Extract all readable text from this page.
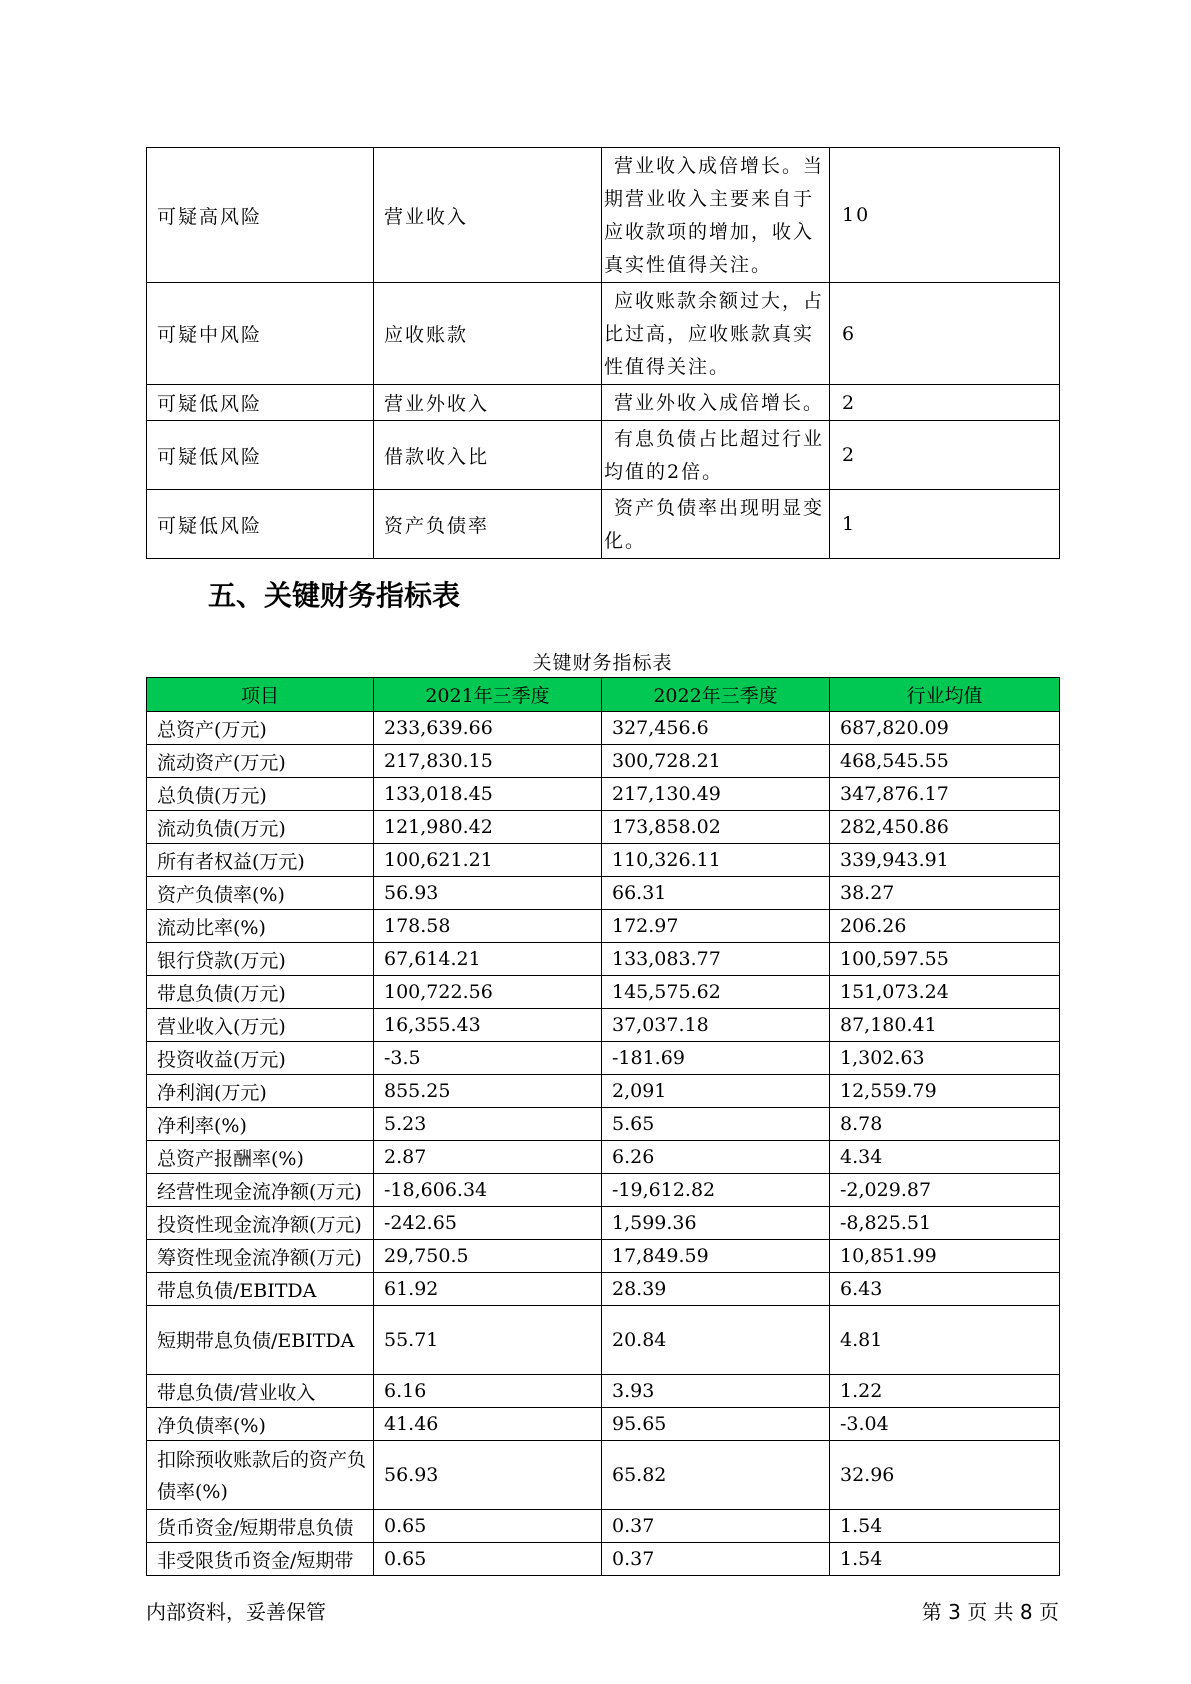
可疑高风险	营业收入	营业收入成倍增长。当期营业收入主要来自于应收款项的增加，收入真实性值得关注。	10
可疑中风险	应收账款	应收账款余额过大，占比过高，应收账款真实性值得关注。	6
可疑低风险	营业外收入	营业外收入成倍增长。	2
可疑低风险	借款收入比	有息负债占比超过行业均值的2倍。	2
可疑低风险	资产负债率	资产负债率出现明显变化。	1
五、关键财务指标表
关键财务指标表
项目	2021年三季度	2022年三季度	行业均值
总资产(万元)	233,639.66	327,456.6	687,820.09
流动资产(万元)	217,830.15	300,728.21	468,545.55
总负债(万元)	133,018.45	217,130.49	347,876.17
流动负债(万元)	121,980.42	173,858.02	282,450.86
所有者权益(万元)	100,621.21	110,326.11	339,943.91
资产负债率(%)	56.93	66.31	38.27
流动比率(%)	178.58	172.97	206.26
银行贷款(万元)	67,614.21	133,083.77	100,597.55
带息负债(万元)	100,722.56	145,575.62	151,073.24
营业收入(万元)	16,355.43	37,037.18	87,180.41
投资收益(万元)	-3.5	-181.69	1,302.63
净利润(万元)	855.25	2,091	12,559.79
净利率(%)	5.23	5.65	8.78
总资产报酬率(%)	2.87	6.26	4.34
经营性现金流净额(万元)	-18,606.34	-19,612.82	-2,029.87
投资性现金流净额(万元)	-242.65	1,599.36	-8,825.51
筹资性现金流净额(万元)	29,750.5	17,849.59	10,851.99
带息负债/EBITDA	61.92	28.39	6.43
短期带息负债/EBITDA	55.71	20.84	4.81
带息负债/营业收入	6.16	3.93	1.22
净负债率(%)	41.46	95.65	-3.04
扣除预收账款后的资产负债率(%)	56.93	65.82	32.96
货币资金/短期带息负债	0.65	0.37	1.54
非受限货币资金/短期带	0.65	0.37	1.54
内部资料，妥善保管	第 3 页 共 8 页
